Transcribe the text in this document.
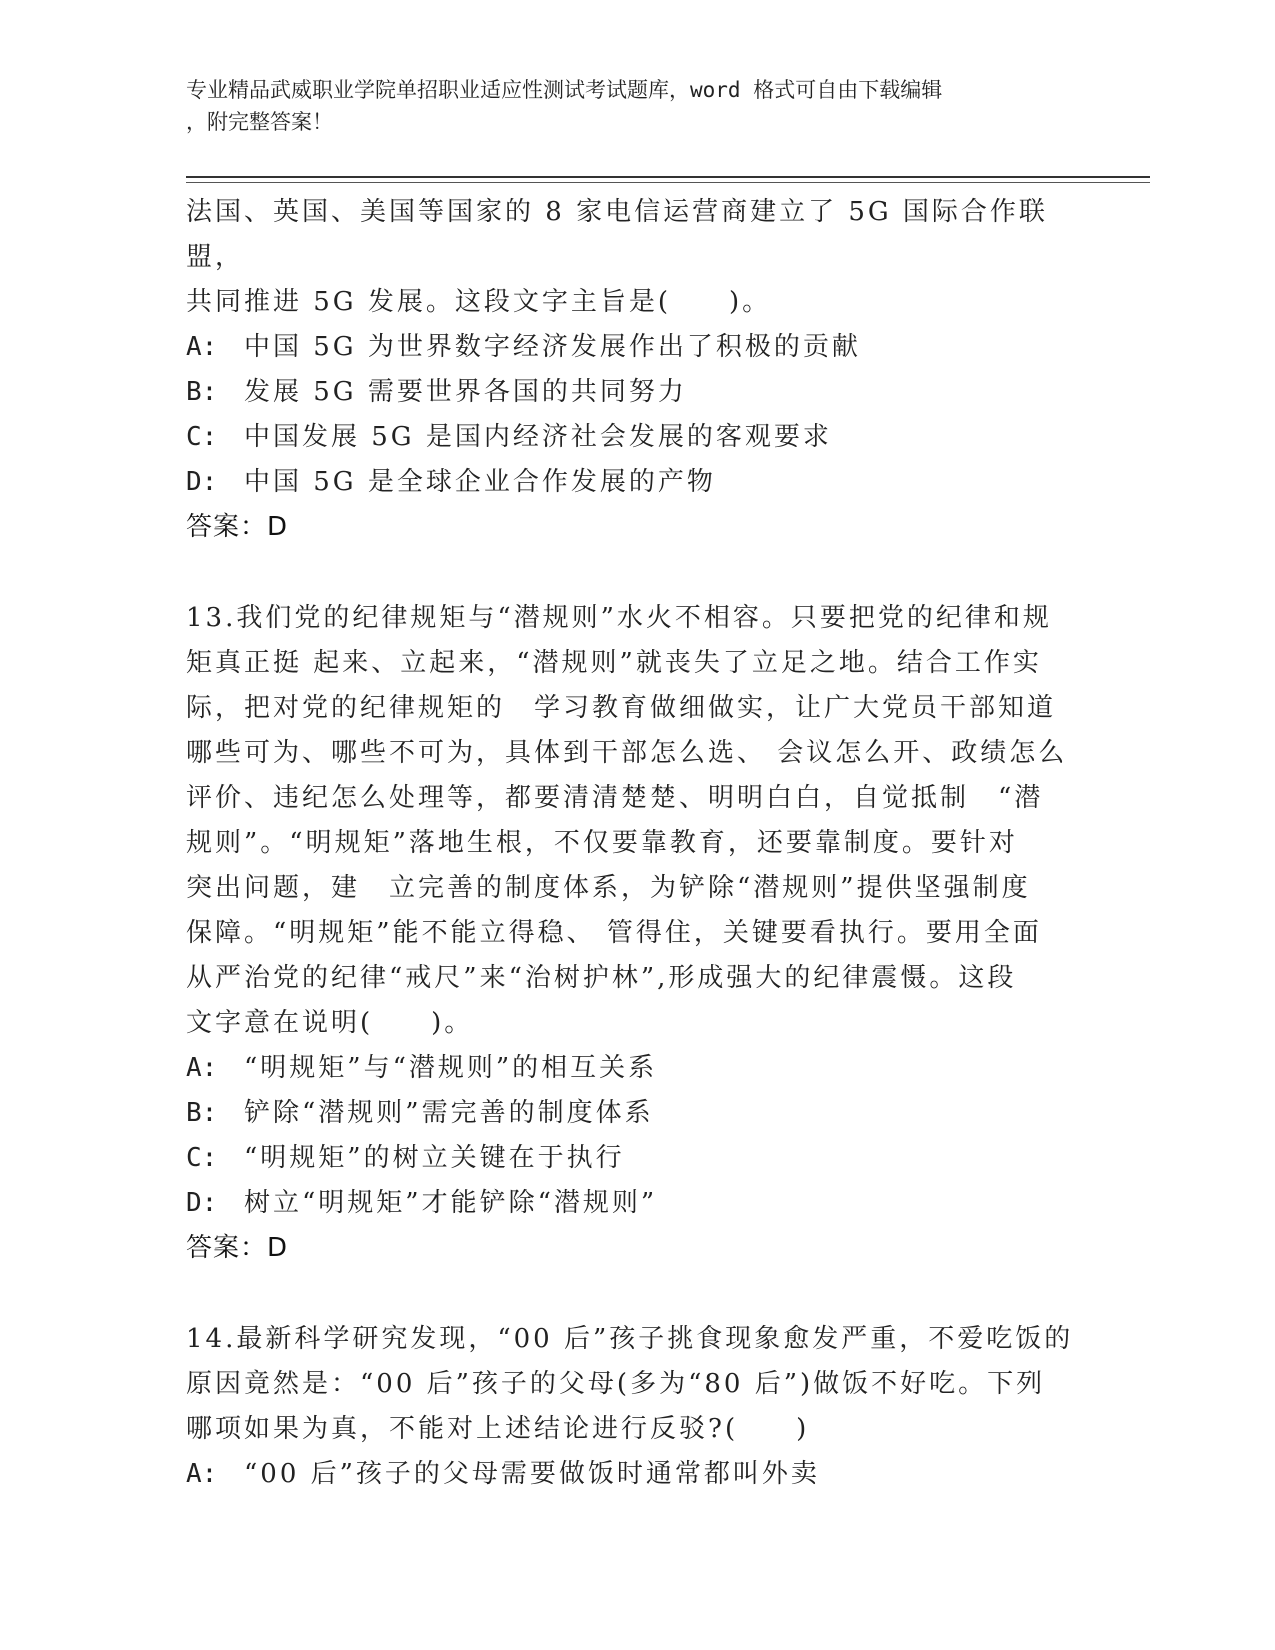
专业精品武威职业学院单招职业适应性测试考试题库，word 格式可自由下载编辑
，附完整答案！

法国、英国、美国等国家的 8 家电信运营商建立了 5G 国际合作联盟，

共同推进 5G 发展。这段文字主旨是(　　)。

A:	中国 5G 为世界数字经济发展作出了积极的贡献
B:	发展 5G 需要世界各国的共同努力
C:	中国发展 5G 是国内经济社会发展的客观要求
D:	中国 5G 是全球企业合作发展的产物

答案：D

13.我们党的纪律规矩与“潜规则”水火不相容。只要把党的纪律和规

矩真正挺 起来、立起来，“潜规则”就丧失了立足之地。结合工作实

际，把对党的纪律规矩的　学习教育做细做实，让广大党员干部知道

哪些可为、哪些不可为，具体到干部怎么选、 会议怎么开、政绩怎么

评价、违纪怎么处理等，都要清清楚楚、明明白白，自觉抵制　“潜

规则”。“明规矩”落地生根，不仅要靠教育，还要靠制度。要针对

突出问题，建　立完善的制度体系，为铲除“潜规则”提供坚强制度

保障。“明规矩”能不能立得稳、 管得住，关键要看执行。要用全面

从严治党的纪律“戒尺”来“治树护林”,形成强大的纪律震慑。这段

文字意在说明(　　)。

A:	“明规矩”与“潜规则”的相互关系
B:	铲除“潜规则”需完善的制度体系
C:	“明规矩”的树立关键在于执行
D:	树立“明规矩”才能铲除“潜规则”

答案：D

14.最新科学研究发现，“00 后”孩子挑食现象愈发严重，不爱吃饭的

原因竟然是：“00 后”孩子的父母(多为“80 后”)做饭不好吃。下列

哪项如果为真，不能对上述结论进行反驳?(　　)

A:	“00 后”孩子的父母需要做饭时通常都叫外卖
